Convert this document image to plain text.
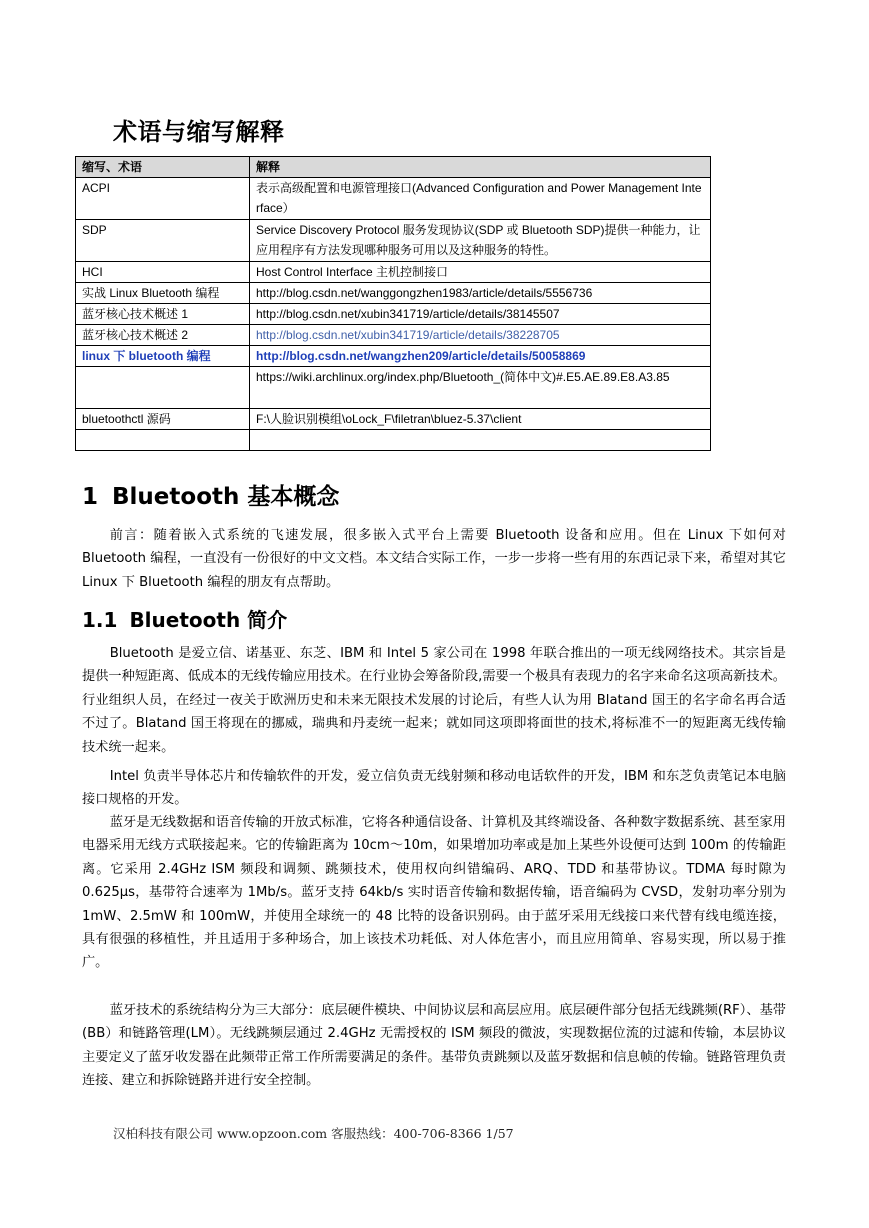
术语与缩写解释
缩写、术语	解释
ACPI	表示高级配置和电源管理接口(Advanced Configuration and Power Management Interface）
SDP	Service Discovery Protocol 服务发现协议(SDP 或 Bluetooth SDP)提供一种能力，让应用程序有方法发现哪种服务可用以及这种服务的特性。
HCI	Host Control Interface 主机控制接口
实战 Linux Bluetooth 编程	http://blog.csdn.net/wanggongzhen1983/article/details/5556736
蓝牙核心技术概述 1	http://blog.csdn.net/xubin341719/article/details/38145507
蓝牙核心技术概述 2	http://blog.csdn.net/xubin341719/article/details/38228705
linux 下 bluetooth 编程	http://blog.csdn.net/wangzhen209/article/details/50058869
	https://wiki.archlinux.org/index.php/Bluetooth_(简体中文)#.E5.AE.89.E8.A3.85
bluetoothctl 源码	F:\人脸识别模组\oLock_F\filetran\bluez-5.37\client

1 Bluetooth 基本概念

前言：随着嵌入式系统的飞速发展，很多嵌入式平台上需要 Bluetooth 设备和应用。但在 Linux 下如何对 Bluetooth 编程，一直没有一份很好的中文文档。本文结合实际工作，一步一步将一些有用的东西记录下来，希望对其它 Linux 下 Bluetooth 编程的朋友有点帮助。

1.1 Bluetooth 简介

Bluetooth 是爱立信、诺基亚、东芝、IBM 和 Intel 5 家公司在 1998 年联合推出的一项无线网络技术。其宗旨是提供一种短距离、低成本的无线传输应用技术。在行业协会筹备阶段,需要一个极具有表现力的名字来命名这项高新技术。行业组织人员，在经过一夜关于欧洲历史和未来无限技术发展的讨论后，有些人认为用 Blatand 国王的名字命名再合适不过了。Blatand 国王将现在的挪威，瑞典和丹麦统一起来；就如同这项即将面世的技术,将标准不一的短距离无线传输技术统一起来。

Intel 负责半导体芯片和传输软件的开发，爱立信负责无线射频和移动电话软件的开发，IBM 和东芝负责笔记本电脑接口规格的开发。

蓝牙是无线数据和语音传输的开放式标准，它将各种通信设备、计算机及其终端设备、各种数字数据系统、甚至家用电器采用无线方式联接起来。它的传输距离为 10cm～10m，如果增加功率或是加上某些外设便可达到 100m 的传输距离。它采用 2.4GHz ISM 频段和调频、跳频技术，使用权向纠错编码、ARQ、TDD 和基带协议。TDMA 每时隙为 0.625μs，基带符合速率为 1Mb/s。蓝牙支持 64kb/s 实时语音传输和数据传输，语音编码为 CVSD，发射功率分别为 1mW、2.5mW 和 100mW，并使用全球统一的 48 比特的设备识别码。由于蓝牙采用无线接口来代替有线电缆连接，具有很强的移植性，并且适用于多种场合，加上该技术功耗低、对人体危害小，而且应用简单、容易实现，所以易于推广。

蓝牙技术的系统结构分为三大部分：底层硬件模块、中间协议层和高层应用。底层硬件部分包括无线跳频(RF）、基带(BB）和链路管理(LM）。无线跳频层通过 2.4GHz 无需授权的 ISM 频段的微波，实现数据位流的过滤和传输，本层协议主要定义了蓝牙收发器在此频带正常工作所需要满足的条件。基带负责跳频以及蓝牙数据和信息帧的传输。链路管理负责连接、建立和拆除链路并进行安全控制。

汉柏科技有限公司 www.opzoon.com 客服热线：400-706-8366 1/57
